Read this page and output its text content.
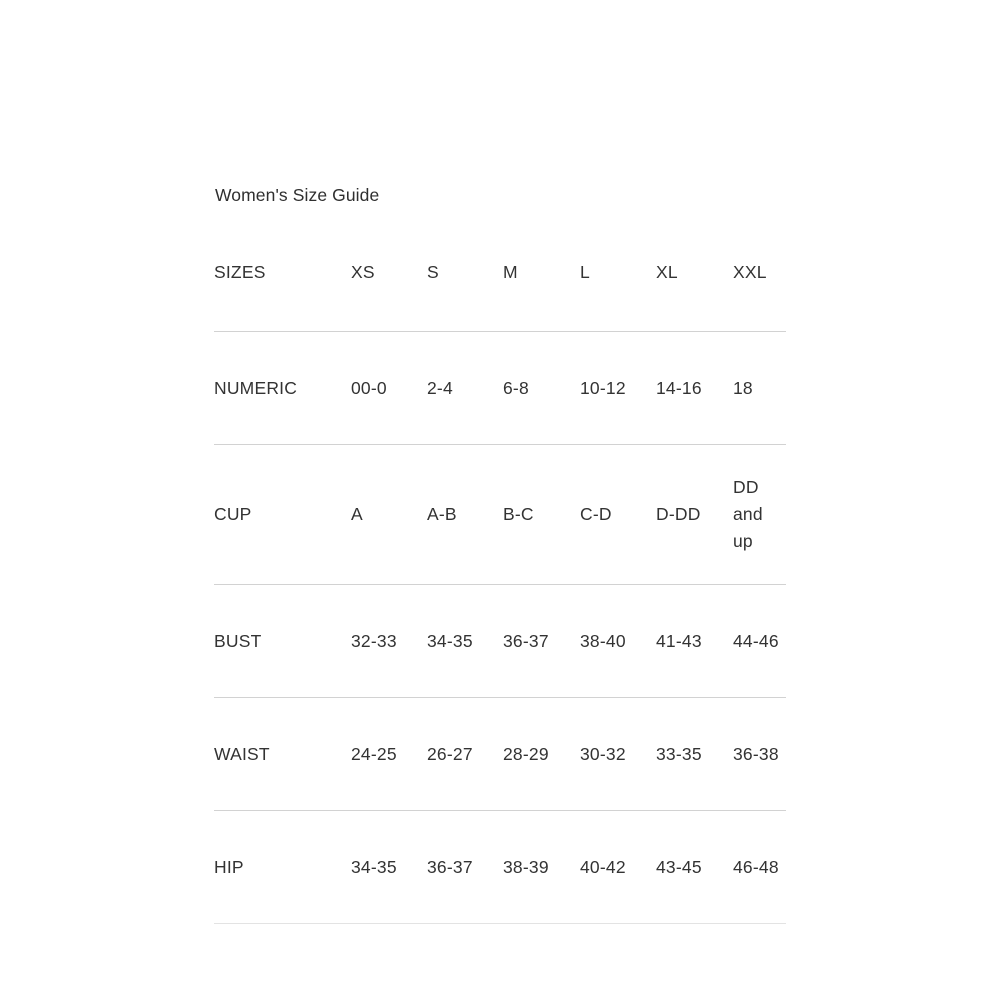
Women's Size Guide
SIZES	XS	S	M	L	XL	XXL

NUMERIC	00-0	2-4	6-8	10-12	14-16	18

CUP	A	A-B	B-C	C-D	D-DD	DD and up

BUST	32-33	34-35	36-37	38-40	41-43	44-46

WAIST	24-25	26-27	28-29	30-32	33-35	36-38

HIP	34-35	36-37	38-39	40-42	43-45	46-48
